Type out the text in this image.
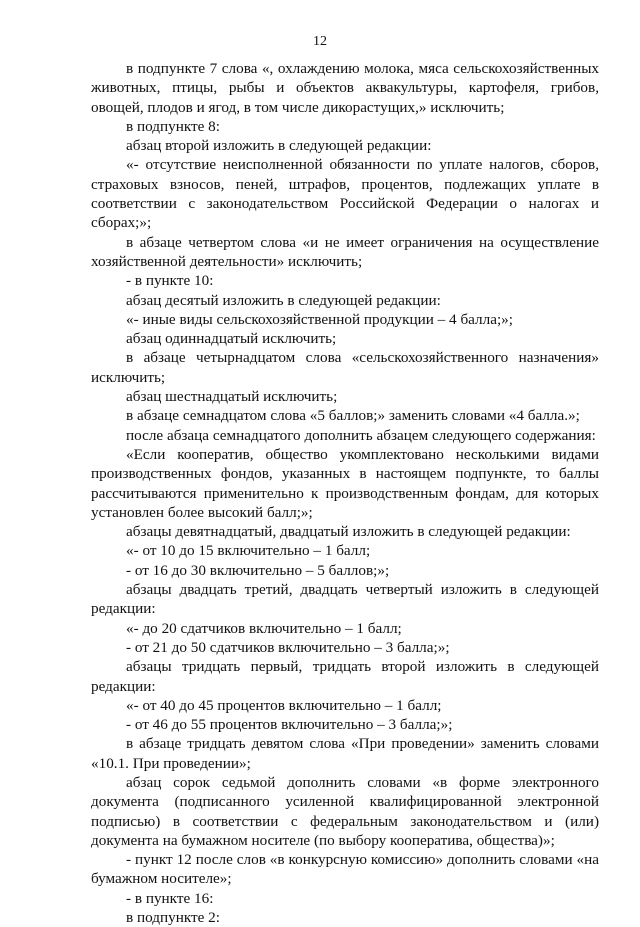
12

в подпункте 7 слова «, охлаждению молока, мяса сельскохозяйственных животных, птицы, рыбы и объектов аквакультуры, картофеля, грибов, овощей, плодов и ягод, в том числе дикорастущих,» исключить;

в подпункте 8:

абзац второй изложить в следующей редакции:

«- отсутствие неисполненной обязанности по уплате налогов, сборов, страховых взносов, пеней, штрафов, процентов, подлежащих уплате в соответствии с законодательством Российской Федерации о налогах и сборах;»;

в абзаце четвертом слова «и не имеет ограничения на осуществление хозяйственной деятельности» исключить;

- в пункте 10:

абзац десятый изложить в следующей редакции:

«- иные виды сельскохозяйственной продукции – 4 балла;»;

абзац одиннадцатый исключить;

в абзаце четырнадцатом слова «сельскохозяйственного назначения» исключить;

абзац шестнадцатый исключить;

в абзаце семнадцатом слова «5 баллов;» заменить словами «4 балла.»;

после абзаца семнадцатого дополнить абзацем следующего содержания:

«Если кооператив, общество укомплектовано несколькими видами производственных фондов, указанных в настоящем подпункте, то баллы рассчитываются применительно к производственным фондам, для которых установлен более высокий балл;»;

абзацы девятнадцатый, двадцатый изложить в следующей редакции:

«- от 10 до 15 включительно – 1 балл;

- от 16 до 30 включительно – 5 баллов;»;

абзацы двадцать третий, двадцать четвертый изложить в следующей редакции:

«- до 20 сдатчиков включительно – 1 балл;

- от 21 до 50 сдатчиков включительно – 3 балла;»;

абзацы тридцать первый, тридцать второй изложить в следующей редакции:

«- от 40 до 45 процентов включительно – 1 балл;

- от 46 до 55 процентов включительно – 3 балла;»;

в абзаце тридцать девятом слова «При проведении» заменить словами «10.1. При проведении»;

абзац сорок седьмой дополнить словами «в форме электронного документа (подписанного усиленной квалифицированной электронной подписью) в соответствии с федеральным законодательством и (или) документа на бумажном носителе (по выбору кооператива, общества)»;

- пункт 12 после слов «в конкурсную комиссию» дополнить словами «на бумажном носителе»;

- в пункте 16:

в подпункте 2:
